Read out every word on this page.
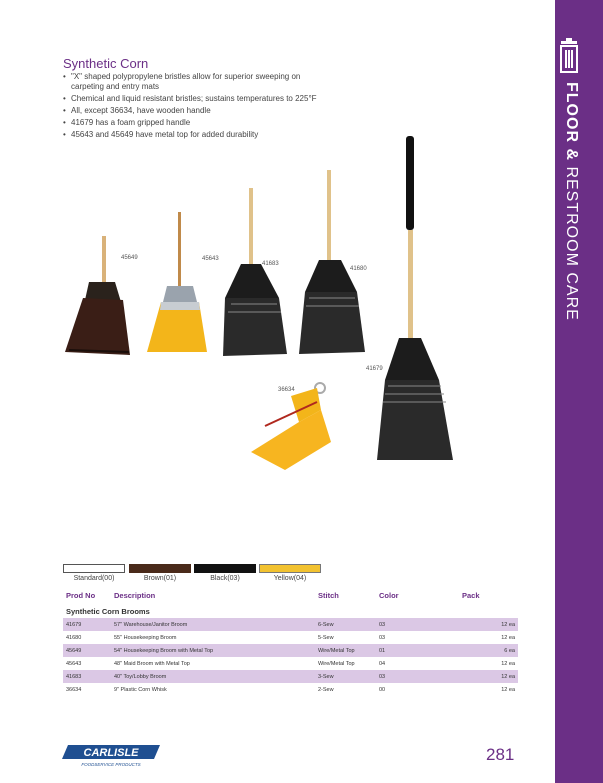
FLOOR & RESTROOM CARE
Synthetic Corn
• "X" shaped polypropylene bristles allow for superior sweeping on carpeting and entry mats
• Chemical and liquid resistant bristles; sustains temperatures to 225°F
• All, except 36634, have wooden handle
• 41679 has a foam gripped handle
• 45643 and 45649 have metal top for added durability
45649	45643
41683
41680
41679
36634
Standard(00)	Brown(01)	Black(03)	Yellow(04)
Prod No	Description	Stitch	Color	Pack
Synthetic Corn Brooms				
41679	57" Warehouse/Janitor Broom	6-Sew	03	12 ea
41680	55" Housekeeping Broom	5-Sew	03	12 ea
45649	54" Housekeeping Broom with Metal Top	Wire/Metal Top	01	6 ea
45643	48" Maid Broom with Metal Top	Wire/Metal Top	04	12 ea
41683	40" Toy/Lobby Broom	3-Sew	03	12 ea
36634	9" Plastic Corn Whisk	2-Sew	00	12 ea
CARLISLE
FOODSERVICE PRODUCTS
281
